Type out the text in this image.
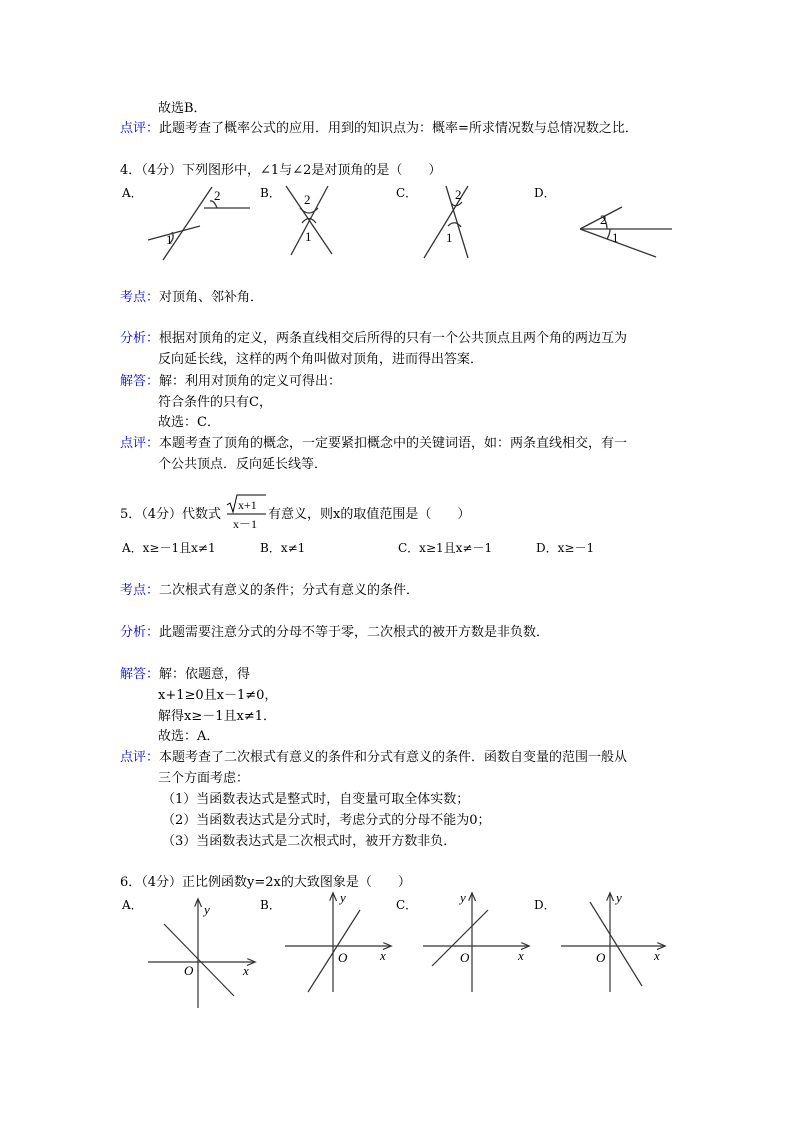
故选B．
点评：此题考查了概率公式的应用．用到的知识点为：概率=所求情况数与总情况数之比．
4．（4分）下列图形中，∠1与∠2是对顶角的是（　　）
A．	B．	C．	D．
1
2
1
2
1
2
1
2
考点：对顶角、邻补角．
分析：根据对顶角的定义，两条直线相交后所得的只有一个公共顶点且两个角的两边互为
反向延长线，这样的两个角叫做对顶角，进而得出答案．
解答：解：利用对顶角的定义可得出：
符合条件的只有C，
故选：C．
点评：本题考查了顶角的概念，一定要紧扣概念中的关键词语，如：两条直线相交，有一
个公共顶点．反向延长线等．
5．（4分）代数式
x+1
x－1
有意义，则x的取值范围是（　　）
A．x≥－1且x≠1	B．x≠1	C．x≥1且x≠－1	D．x≥－1
考点：二次根式有意义的条件；分式有意义的条件．
分析：此题需要注意分式的分母不等于零，二次根式的被开方数是非负数．
解答：解：依题意，得
x+1≥0且x－1≠0，
解得x≥－1且x≠1．
故选：A．
点评：本题考查了二次根式有意义的条件和分式有意义的条件．函数自变量的范围一般从
三个方面考虑：
（1）当函数表达式是整式时，自变量可取全体实数；
（2）当函数表达式是分式时，考虑分式的分母不能为0；
（3）当函数表达式是二次根式时，被开方数非负．
6．（4分）正比例函数y=2x的大致图象是（　　）
A．	B．	C．	D．
x
y
O
x
y
O	x
y
O	x
y
O
